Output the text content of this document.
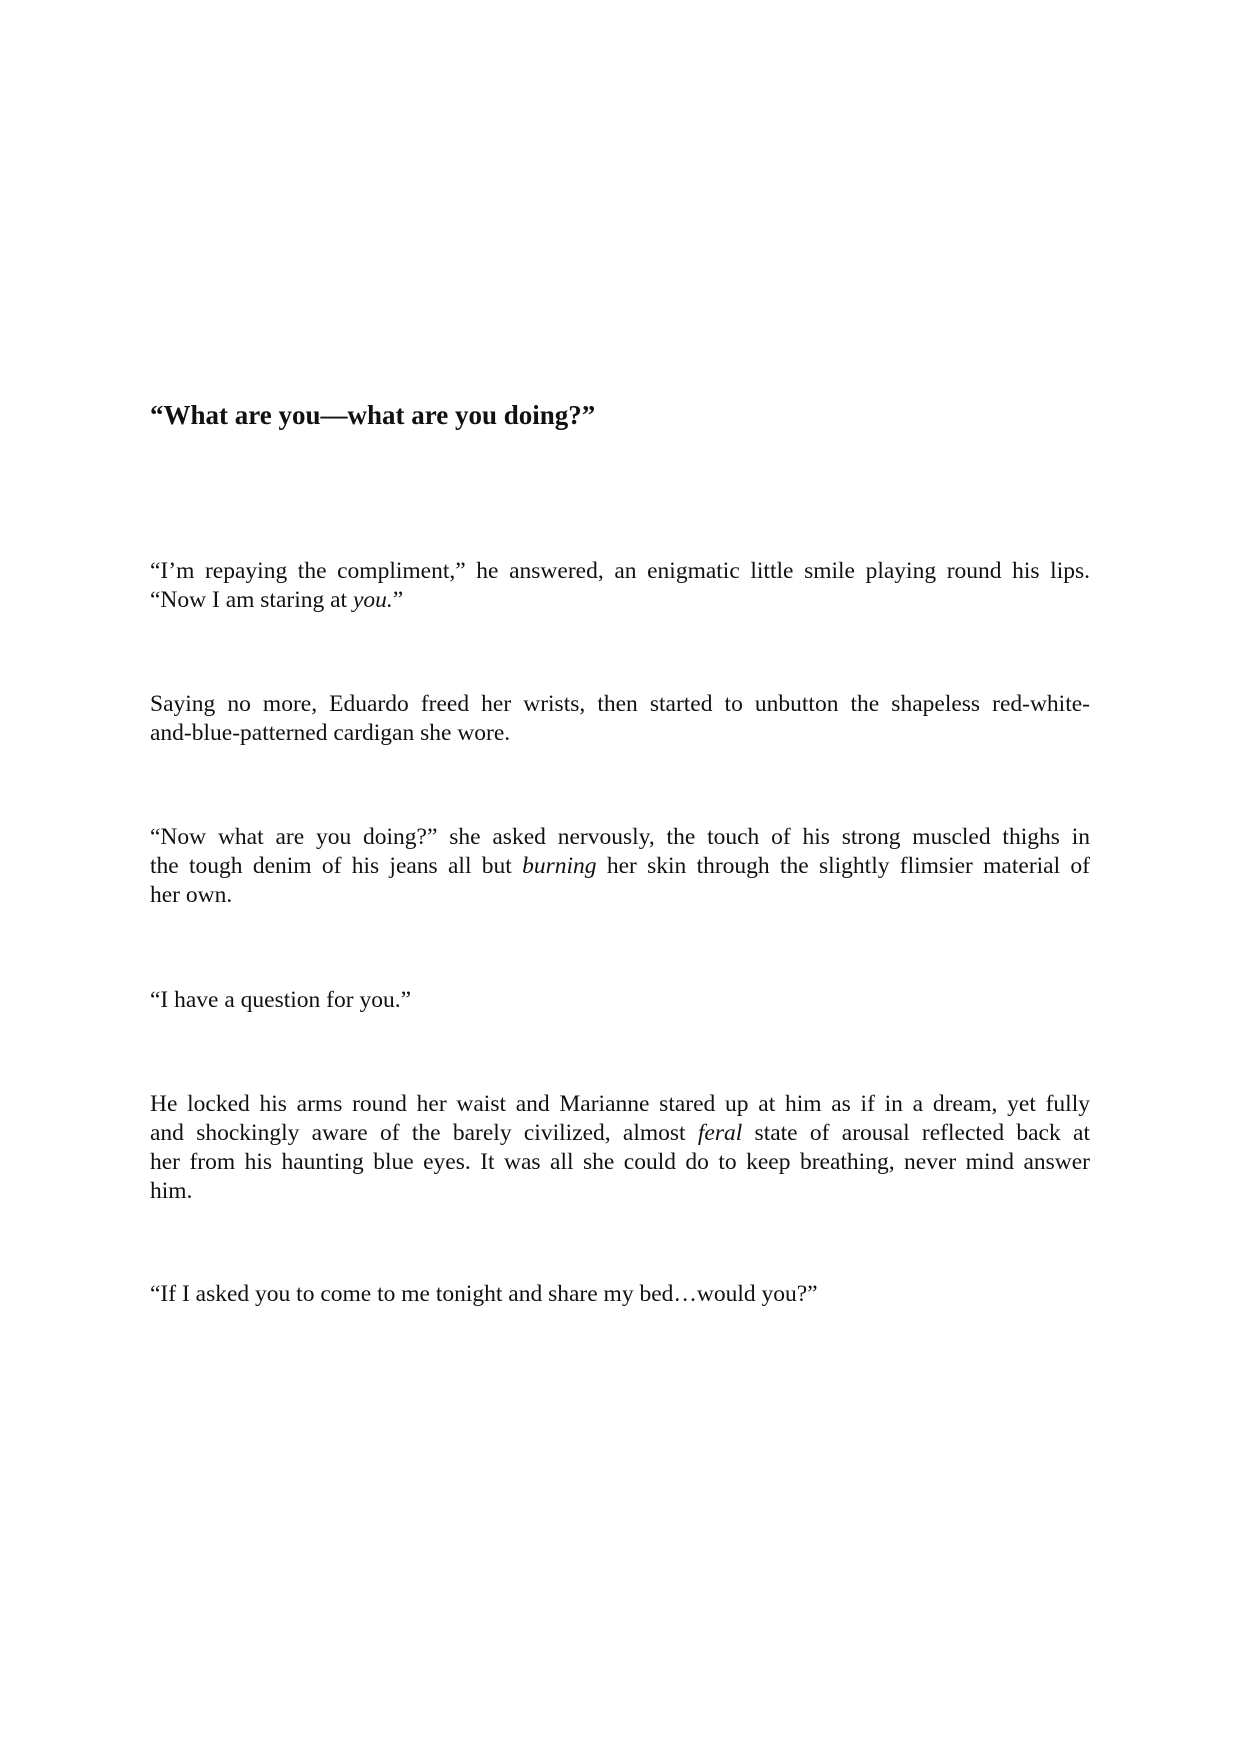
“What are you—what are you doing?”

“I’m repaying the compliment,” he answered, an enigmatic little smile playing round his lips.
“Now I am staring at you.”

Saying no more, Eduardo freed her wrists, then started to unbutton the shapeless red-white-
and-blue-patterned cardigan she wore.

“Now what are you doing?” she asked nervously, the touch of his strong muscled thighs in
the tough denim of his jeans all but burning her skin through the slightly flimsier material of
her own.

“I have a question for you.”

He locked his arms round her waist and Marianne stared up at him as if in a dream, yet fully
and shockingly aware of the barely civilized, almost feral state of arousal reflected back at
her from his haunting blue eyes. It was all she could do to keep breathing, never mind answer
him.

“If I asked you to come to me tonight and share my bed…would you?”
